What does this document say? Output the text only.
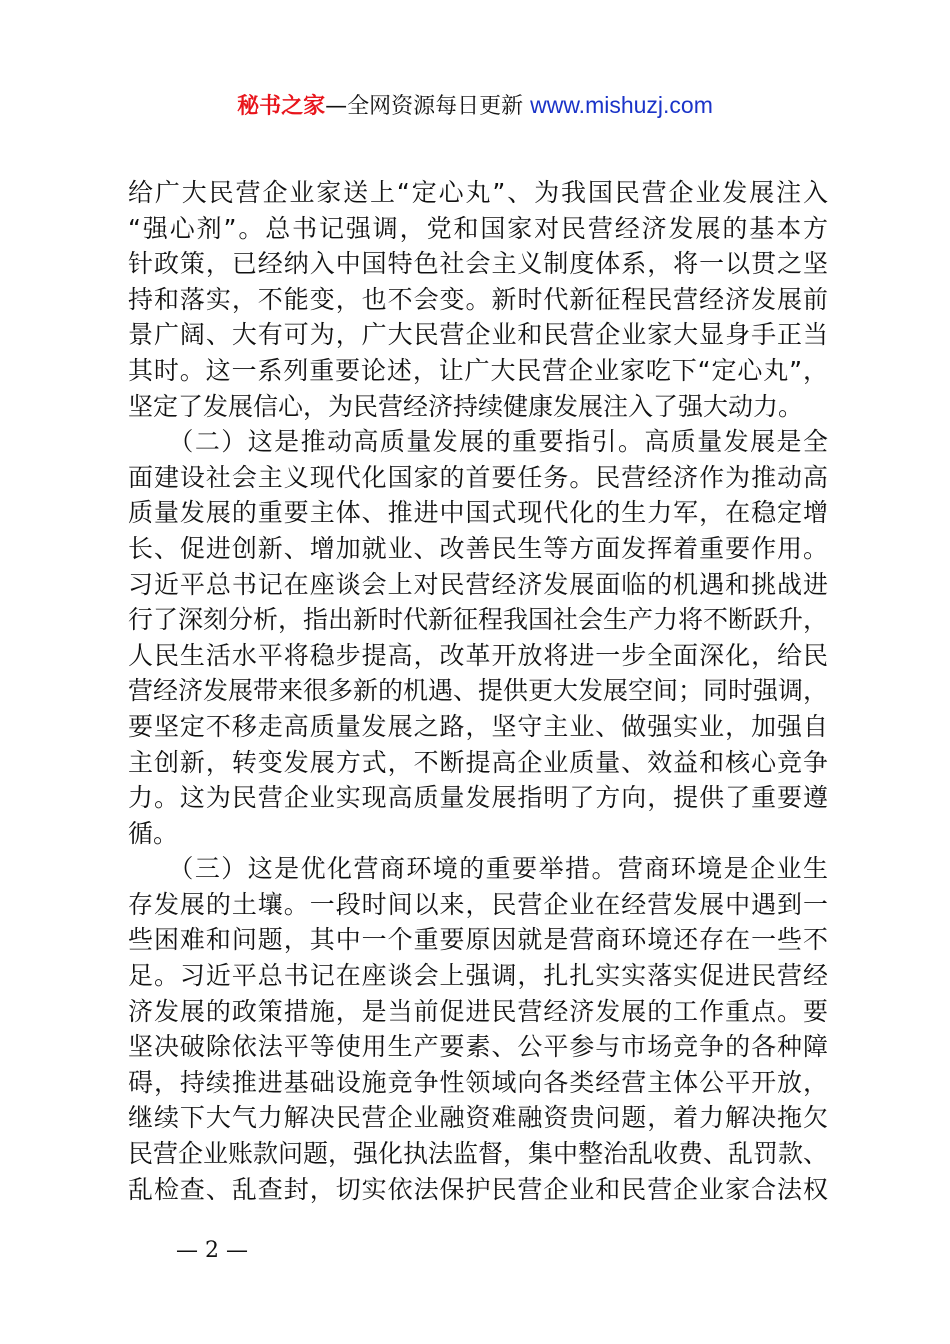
秘书之家—全网资源每日更新 www.mishuzj.com
给广大民营企业家送上“定心丸”、为我国民营企业发展注入
“强心剂”。总书记强调，党和国家对民营经济发展的基本方
针政策，已经纳入中国特色社会主义制度体系，将一以贯之坚
持和落实，不能变，也不会变。新时代新征程民营经济发展前
景广阔、大有可为，广大民营企业和民营企业家大显身手正当
其时。这一系列重要论述，让广大民营企业家吃下“定心丸”，
坚定了发展信心，为民营经济持续健康发展注入了强大动力。
　　（二）这是推动高质量发展的重要指引。高质量发展是全
面建设社会主义现代化国家的首要任务。民营经济作为推动高
质量发展的重要主体、推进中国式现代化的生力军，在稳定增
长、促进创新、增加就业、改善民生等方面发挥着重要作用。
习近平总书记在座谈会上对民营经济发展面临的机遇和挑战进
行了深刻分析，指出新时代新征程我国社会生产力将不断跃升，
人民生活水平将稳步提高，改革开放将进一步全面深化，给民
营经济发展带来很多新的机遇、提供更大发展空间；同时强调，
要坚定不移走高质量发展之路，坚守主业、做强实业，加强自
主创新，转变发展方式，不断提高企业质量、效益和核心竞争
力。这为民营企业实现高质量发展指明了方向，提供了重要遵
循。
　　（三）这是优化营商环境的重要举措。营商环境是企业生
存发展的土壤。一段时间以来，民营企业在经营发展中遇到一
些困难和问题，其中一个重要原因就是营商环境还存在一些不
足。习近平总书记在座谈会上强调，扎扎实实落实促进民营经
济发展的政策措施，是当前促进民营经济发展的工作重点。要
坚决破除依法平等使用生产要素、公平参与市场竞争的各种障
碍，持续推进基础设施竞争性领域向各类经营主体公平开放，
继续下大气力解决民营企业融资难融资贵问题，着力解决拖欠
民营企业账款问题，强化执法监督，集中整治乱收费、乱罚款、
乱检查、乱查封，切实依法保护民营企业和民营企业家合法权
— 2 —
